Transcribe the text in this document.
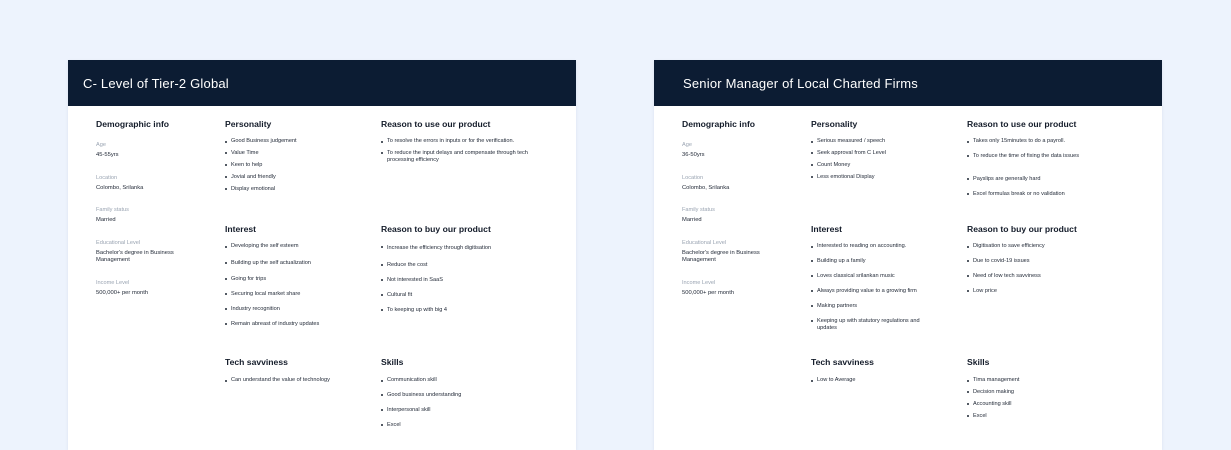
C- Level of Tier-2 Global

Demographic info

Age

45-55yrs

Location

Colombo, Srilanka

Family status

Married

Educational Level

Bachelor's degree in Business Management

Income Level

500,000+ per month

Personality

Good Business judgement
Value Time
Keen to help
Jovial and friendly
Display emotional

Reason to use our product

To resolve the errors in inputs or for the verification.
To reduce the input delays and compensate through tech processing efficiency

Interest

Developing the self esteem
Building up the self actualization
Going for trips
Securing local market share
Industry recognition
Remain abreast of industry updates

Reason to buy our product

Increase the efficiency through digitisation
Reduce the cost
Not interested in SaaS
Cultural fit
To keeping up with big 4

Tech savviness

Can understand the value of technology

Skills

Communication skill
Good business understanding
Interpersonal skill
Excel
Senior Manager of Local Charted Firms

Demographic info

Age

36-50yrs

Location

Colombo, Srilanka

Family status

Married

Educational Level

Bachelor's degree in Business Management

Income Level

500,000+ per month

Personality

Serious measured / speech
Seek approval from C Level
Count Money
Less emotional Display

Reason to use our product

Takes only 15minutes to do a payroll.
To reduce the time of fixing the data issues
Payslips are generally hard
Excel formulas break or no validation

Interest

Interested to reading on accounting.
Building up a family
Loves classical srilankan music
Always providing value to a growing firm
Making partners
Keeping up with statutory regulations and updates

Reason to buy our product

Digitisation to save efficiency
Due to covid-19 issues
Need of low tech savviness
Low price

Tech savviness

Low to Average

Skills

Tima management
Decision making
Accounting skill
Excel
